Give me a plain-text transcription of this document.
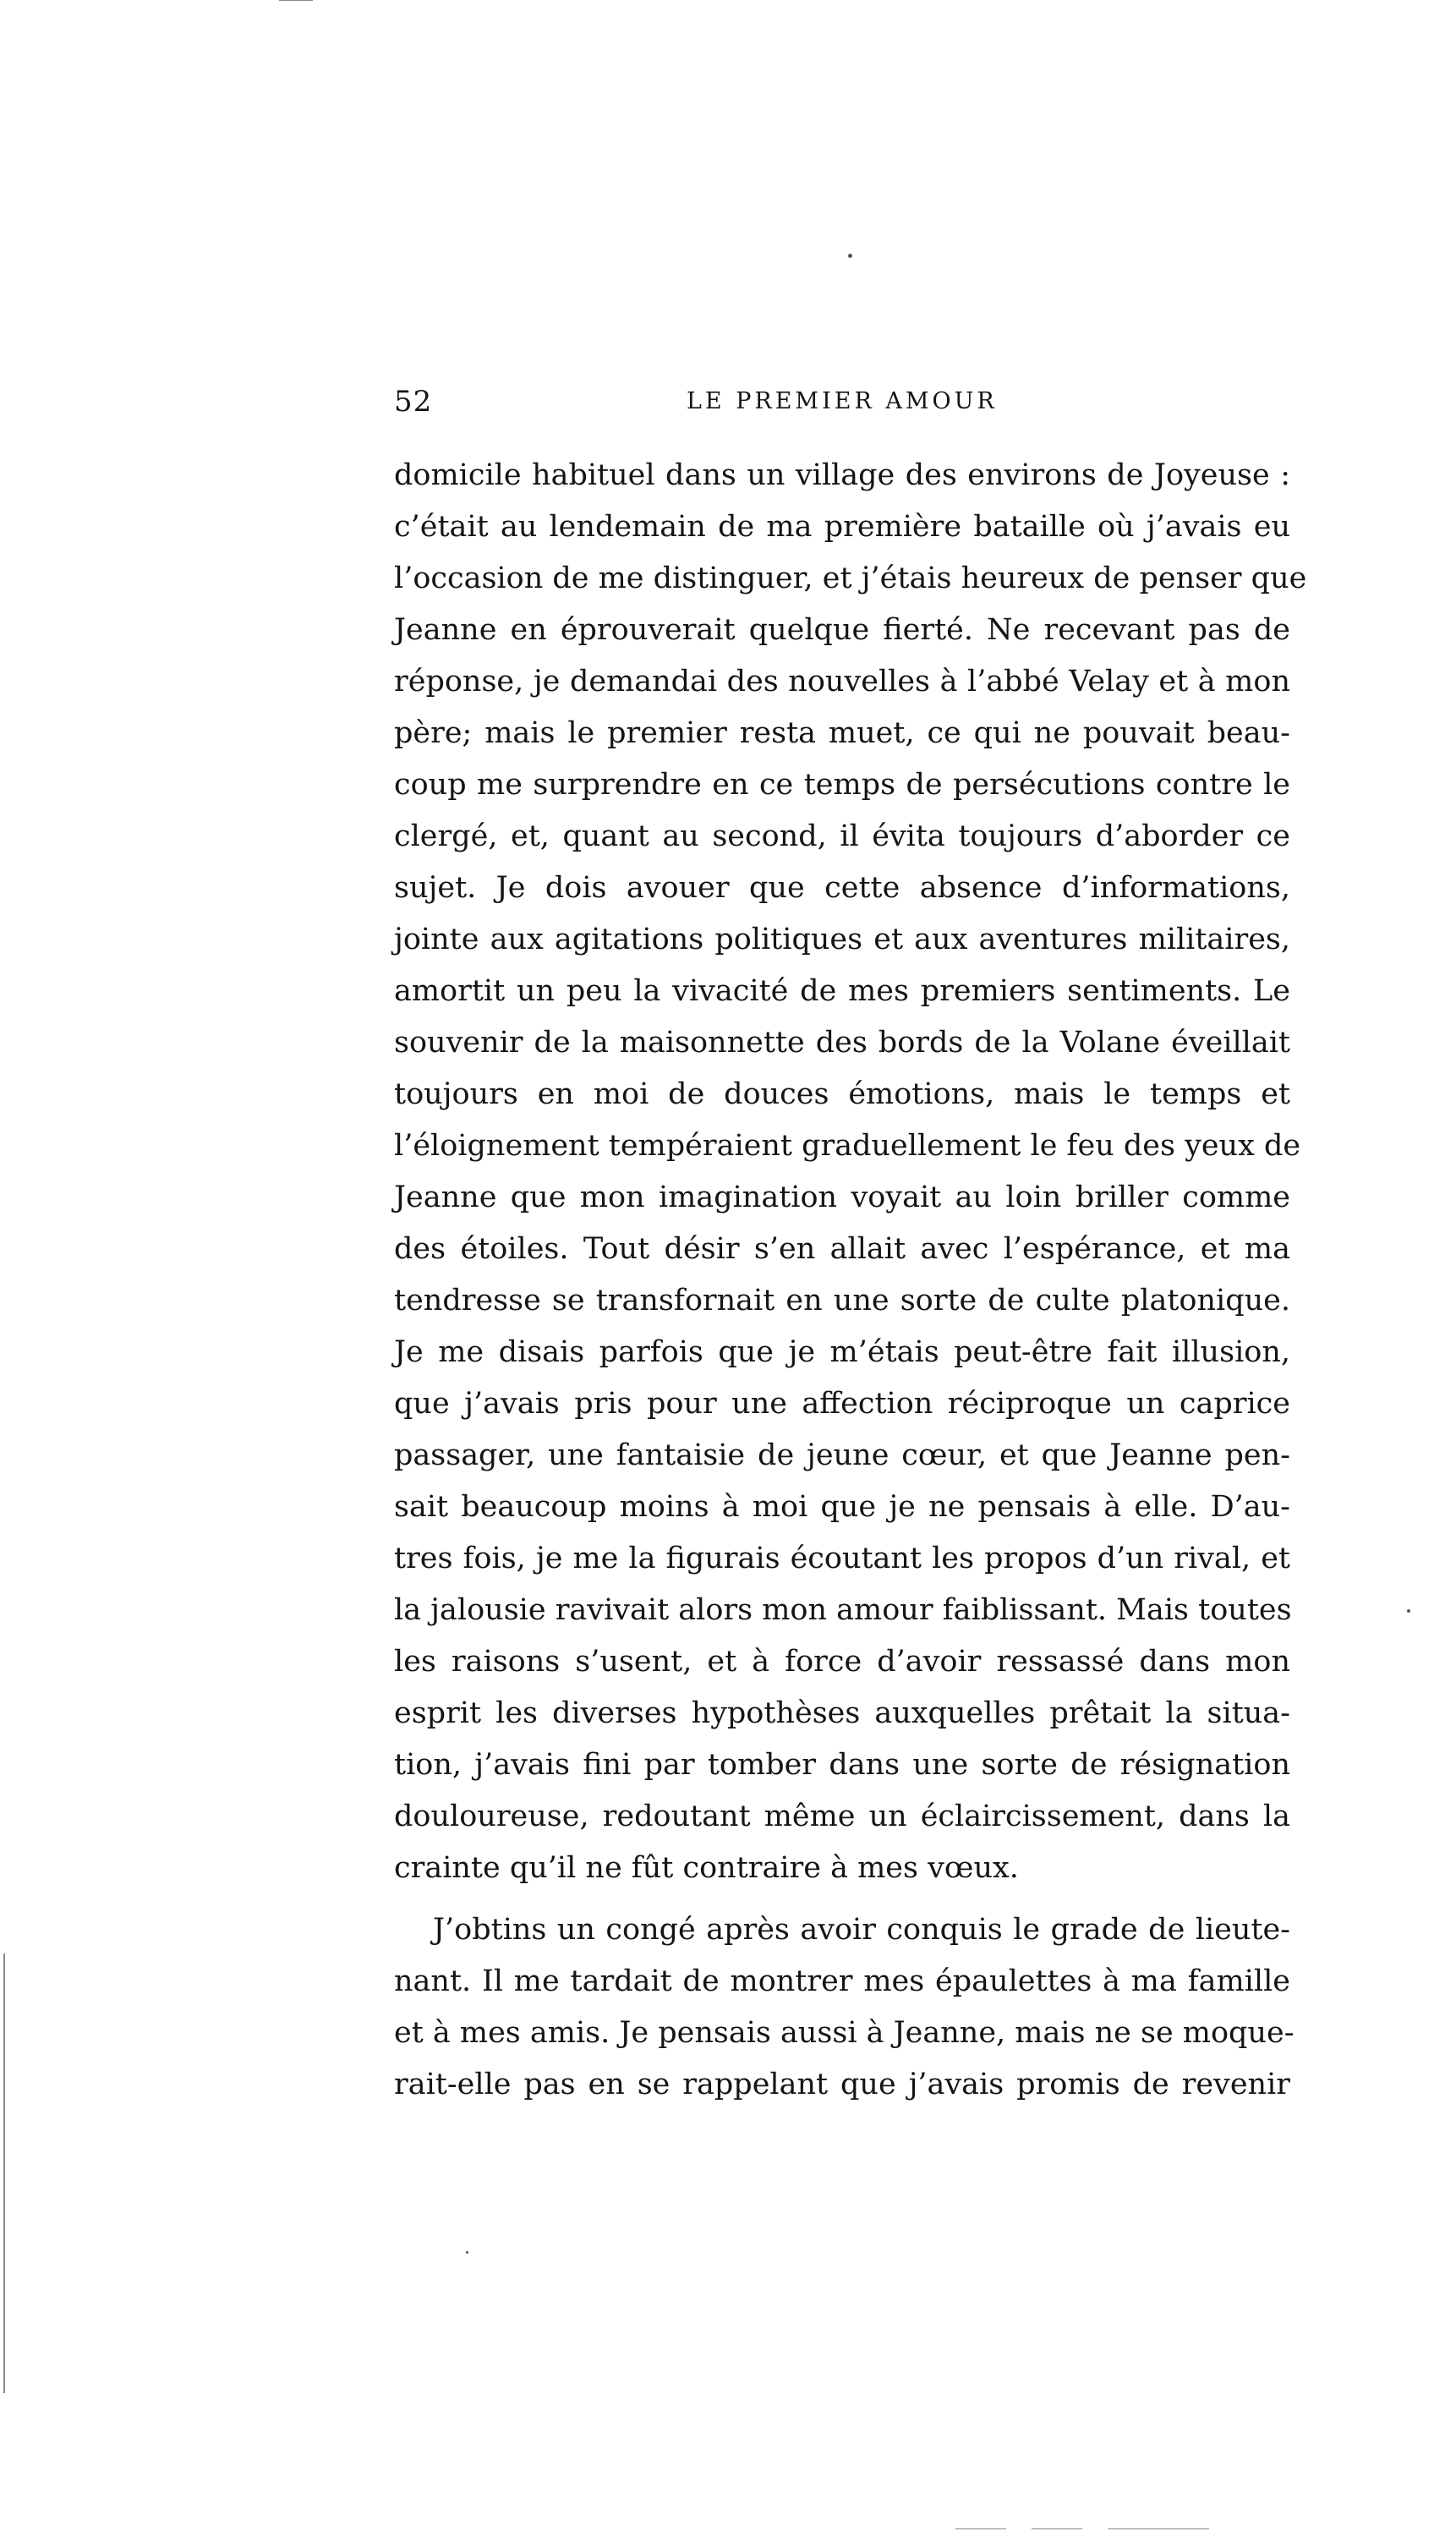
52	LE PREMIER AMOUR
domicile habituel dans un village des environs de Joyeuse :
c’était au lendemain de ma première bataille où j’avais eu
l’occasion de me distinguer, et j’étais heureux de penser que
Jeanne en éprouverait quelque fierté. Ne recevant pas de
réponse, je demandai des nouvelles à l’abbé Velay et à mon
père; mais le premier resta muet, ce qui ne pouvait beau-
coup me surprendre en ce temps de persécutions contre le
clergé, et, quant au second, il évita toujours d’aborder ce
sujet. Je dois avouer que cette absence d’informations,
jointe aux agitations politiques et aux aventures militaires,
amortit un peu la vivacité de mes premiers sentiments. Le
souvenir de la maisonnette des bords de la Volane éveillait
toujours en moi de douces émotions, mais le temps et
l’éloignement tempéraient graduellement le feu des yeux de
Jeanne que mon imagination voyait au loin briller comme
des étoiles. Tout désir s’en allait avec l’espérance, et ma
tendresse se transfornait en une sorte de culte platonique.
Je me disais parfois que je m’étais peut-être fait illusion,
que j’avais pris pour une affection réciproque un caprice
passager, une fantaisie de jeune cœur, et que Jeanne pen-
sait beaucoup moins à moi que je ne pensais à elle. D’au-
tres fois, je me la figurais écoutant les propos d’un rival, et
la jalousie ravivait alors mon amour faiblissant. Mais toutes
les raisons s’usent, et à force d’avoir ressassé dans mon
esprit les diverses hypothèses auxquelles prêtait la situa-
tion, j’avais fini par tomber dans une sorte de résignation
douloureuse, redoutant même un éclaircissement, dans la
crainte qu’il ne fût contraire à mes vœux.
J’obtins un congé après avoir conquis le grade de lieute-
nant. Il me tardait de montrer mes épaulettes à ma famille
et à mes amis. Je pensais aussi à Jeanne, mais ne se moque-
rait-elle pas en se rappelant que j’avais promis de revenir
